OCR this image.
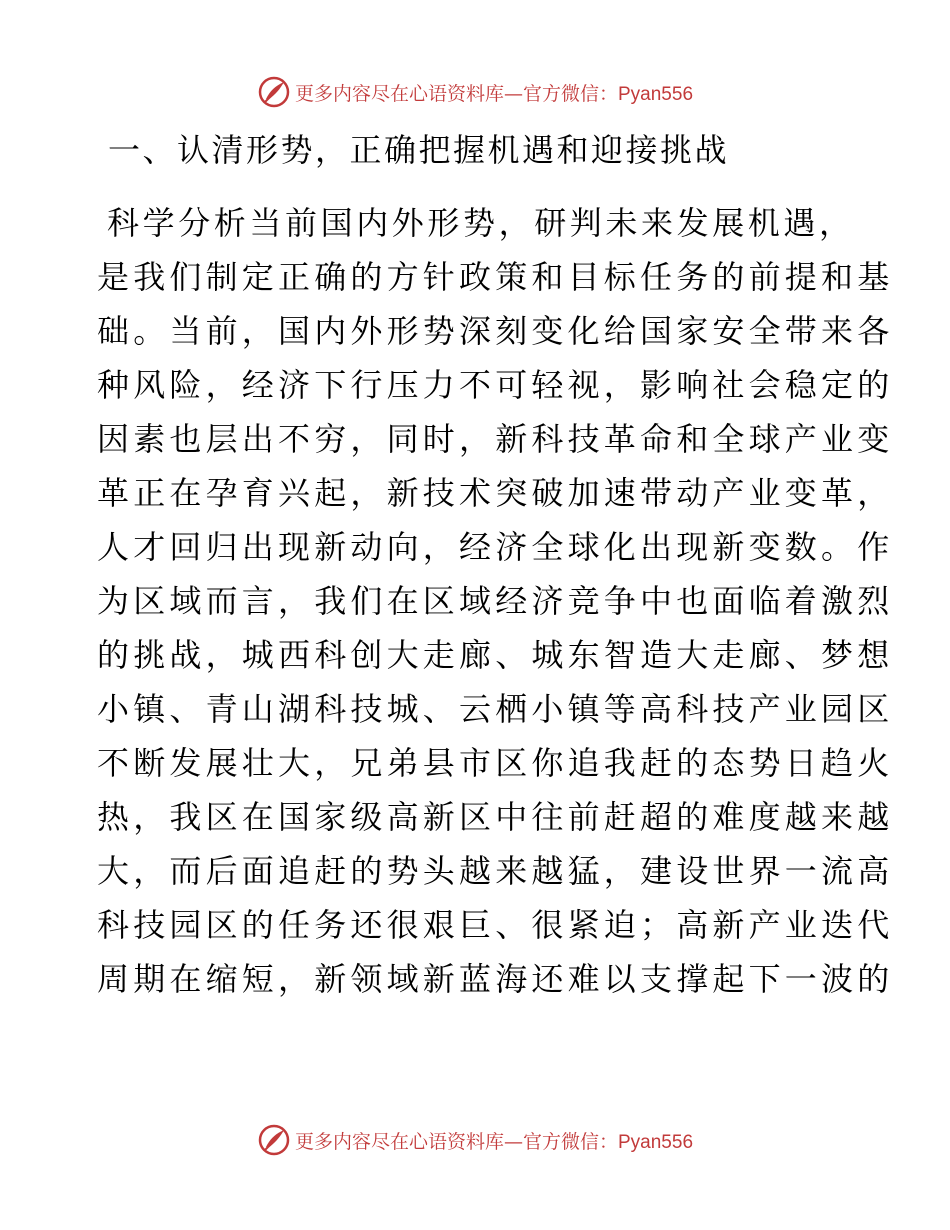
更多内容尽在心语资料库—官方微信：Pyan556
一、认清形势，正确把握机遇和迎接挑战
科学分析当前国内外形势，研判未来发展机遇，
是我们制定正确的方针政策和目标任务的前提和基
础。当前，国内外形势深刻变化给国家安全带来各
种风险，经济下行压力不可轻视，影响社会稳定的
因素也层出不穷，同时，新科技革命和全球产业变
革正在孕育兴起，新技术突破加速带动产业变革，
人才回归出现新动向，经济全球化出现新变数。作
为区域而言，我们在区域经济竞争中也面临着激烈
的挑战，城西科创大走廊、城东智造大走廊、梦想
小镇、青山湖科技城、云栖小镇等高科技产业园区
不断发展壮大，兄弟县市区你追我赶的态势日趋火
热，我区在国家级高新区中往前赶超的难度越来越
大，而后面追赶的势头越来越猛，建设世界一流高
科技园区的任务还很艰巨、很紧迫；高新产业迭代
周期在缩短，新领域新蓝海还难以支撑起下一波的
更多内容尽在心语资料库—官方微信：Pyan556
